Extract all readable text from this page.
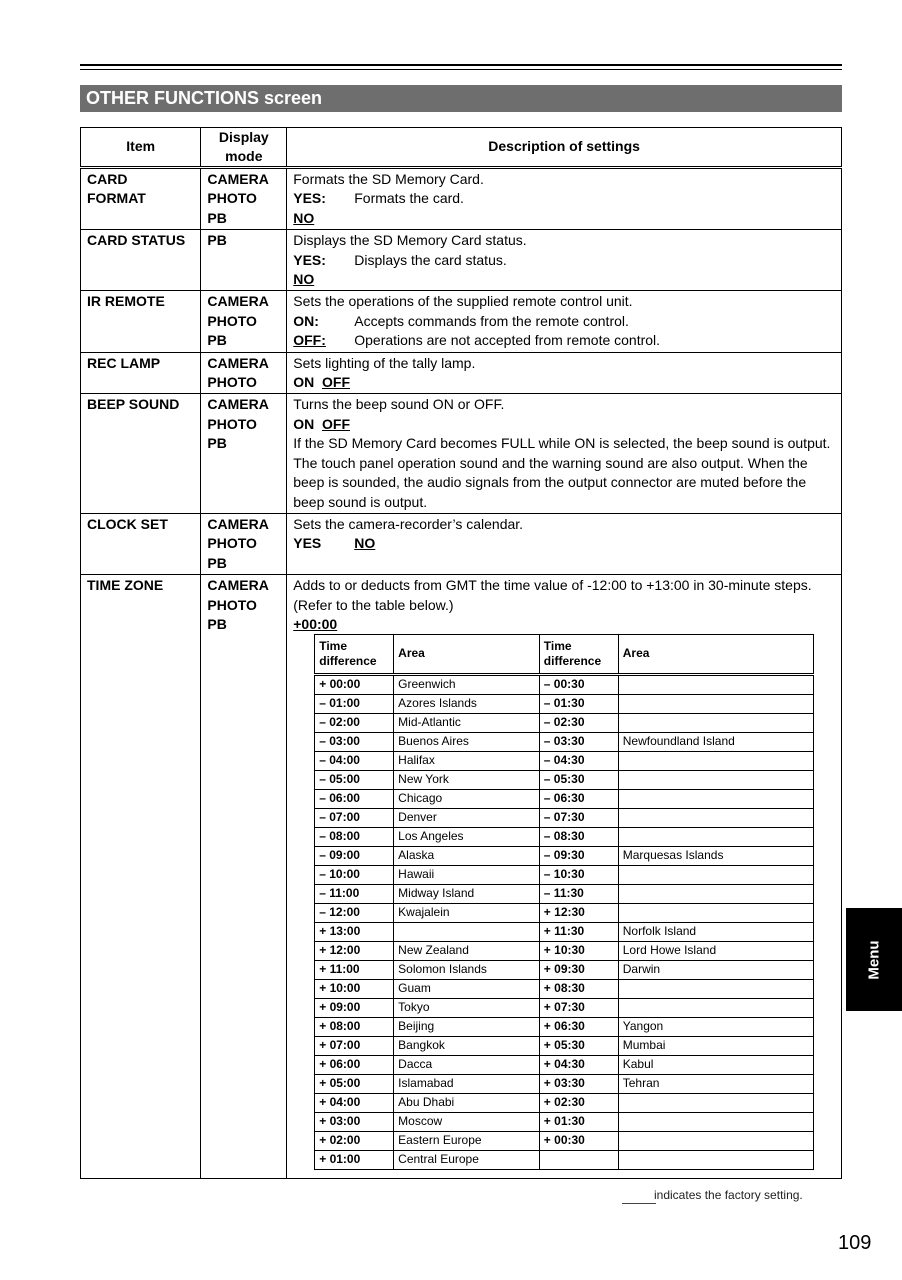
OTHER FUNCTIONS screen
Item	Display mode	Description of settings
CARD
FORMAT	CAMERA
PHOTO
PB	
Formats the SD Memory Card.
YES:	Formats the card.
NO

CARD STATUS	PB	Displays the SD Memory Card status.
YES:	Displays the card status.
NO

IR REMOTE	CAMERA
PHOTO
PB	
Sets the operations of the supplied remote control unit.
ON:	Accepts commands from the remote control.
OFF:	Operations are not accepted from remote control.

REC LAMP	CAMERA
PHOTO	
Sets lighting of the tally lamp.
ON OFF

BEEP SOUND	CAMERA
PHOTO
PB	
Turns the beep sound ON or OFF.
ON OFF
If the SD Memory Card becomes FULL while ON is selected, the beep sound is output. The touch panel operation sound and the warning sound are also output. When the beep is sounded, the audio signals from the output connector are muted before the beep sound is output.

CLOCK SET	CAMERA
PHOTO
PB	
Sets the camera-recorder’s calendar.
YES	NO

TIME ZONE	CAMERA
PHOTO
PB	
Adds to or deducts from GMT the time value of -12:00 to +13:00 in 30-minute steps. (Refer to the table below.)
+00:00
Time difference	Area	Time difference	Area
+ 00:00	Greenwich	– 00:30	
– 01:00	Azores Islands	– 01:30	
– 02:00	Mid-Atlantic	– 02:30	
– 03:00	Buenos Aires	– 03:30	Newfoundland Island
– 04:00	Halifax	– 04:30	
– 05:00	New York	– 05:30	
– 06:00	Chicago	– 06:30	
– 07:00	Denver	– 07:30	
– 08:00	Los Angeles	– 08:30	
– 09:00	Alaska	– 09:30	Marquesas Islands
– 10:00	Hawaii	– 10:30	
– 11:00	Midway Island	– 11:30	
– 12:00	Kwajalein	+ 12:30	
+ 13:00		+ 11:30	Norfolk Island
+ 12:00	New Zealand	+ 10:30	Lord Howe Island
+ 11:00	Solomon Islands	+ 09:30	Darwin
+ 10:00	Guam	+ 08:30	
+ 09:00	Tokyo	+ 07:30	
+ 08:00	Beijing	+ 06:30	Yangon
+ 07:00	Bangkok	+ 05:30	Mumbai
+ 06:00	Dacca	+ 04:30	Kabul
+ 05:00	Islamabad	+ 03:30	Tehran
+ 04:00	Abu Dhabi	+ 02:30	
+ 03:00	Moscow	+ 01:30	
+ 02:00	Eastern Europe	+ 00:30	
+ 01:00	Central Europe		
Menu
indicates the factory setting.
109
